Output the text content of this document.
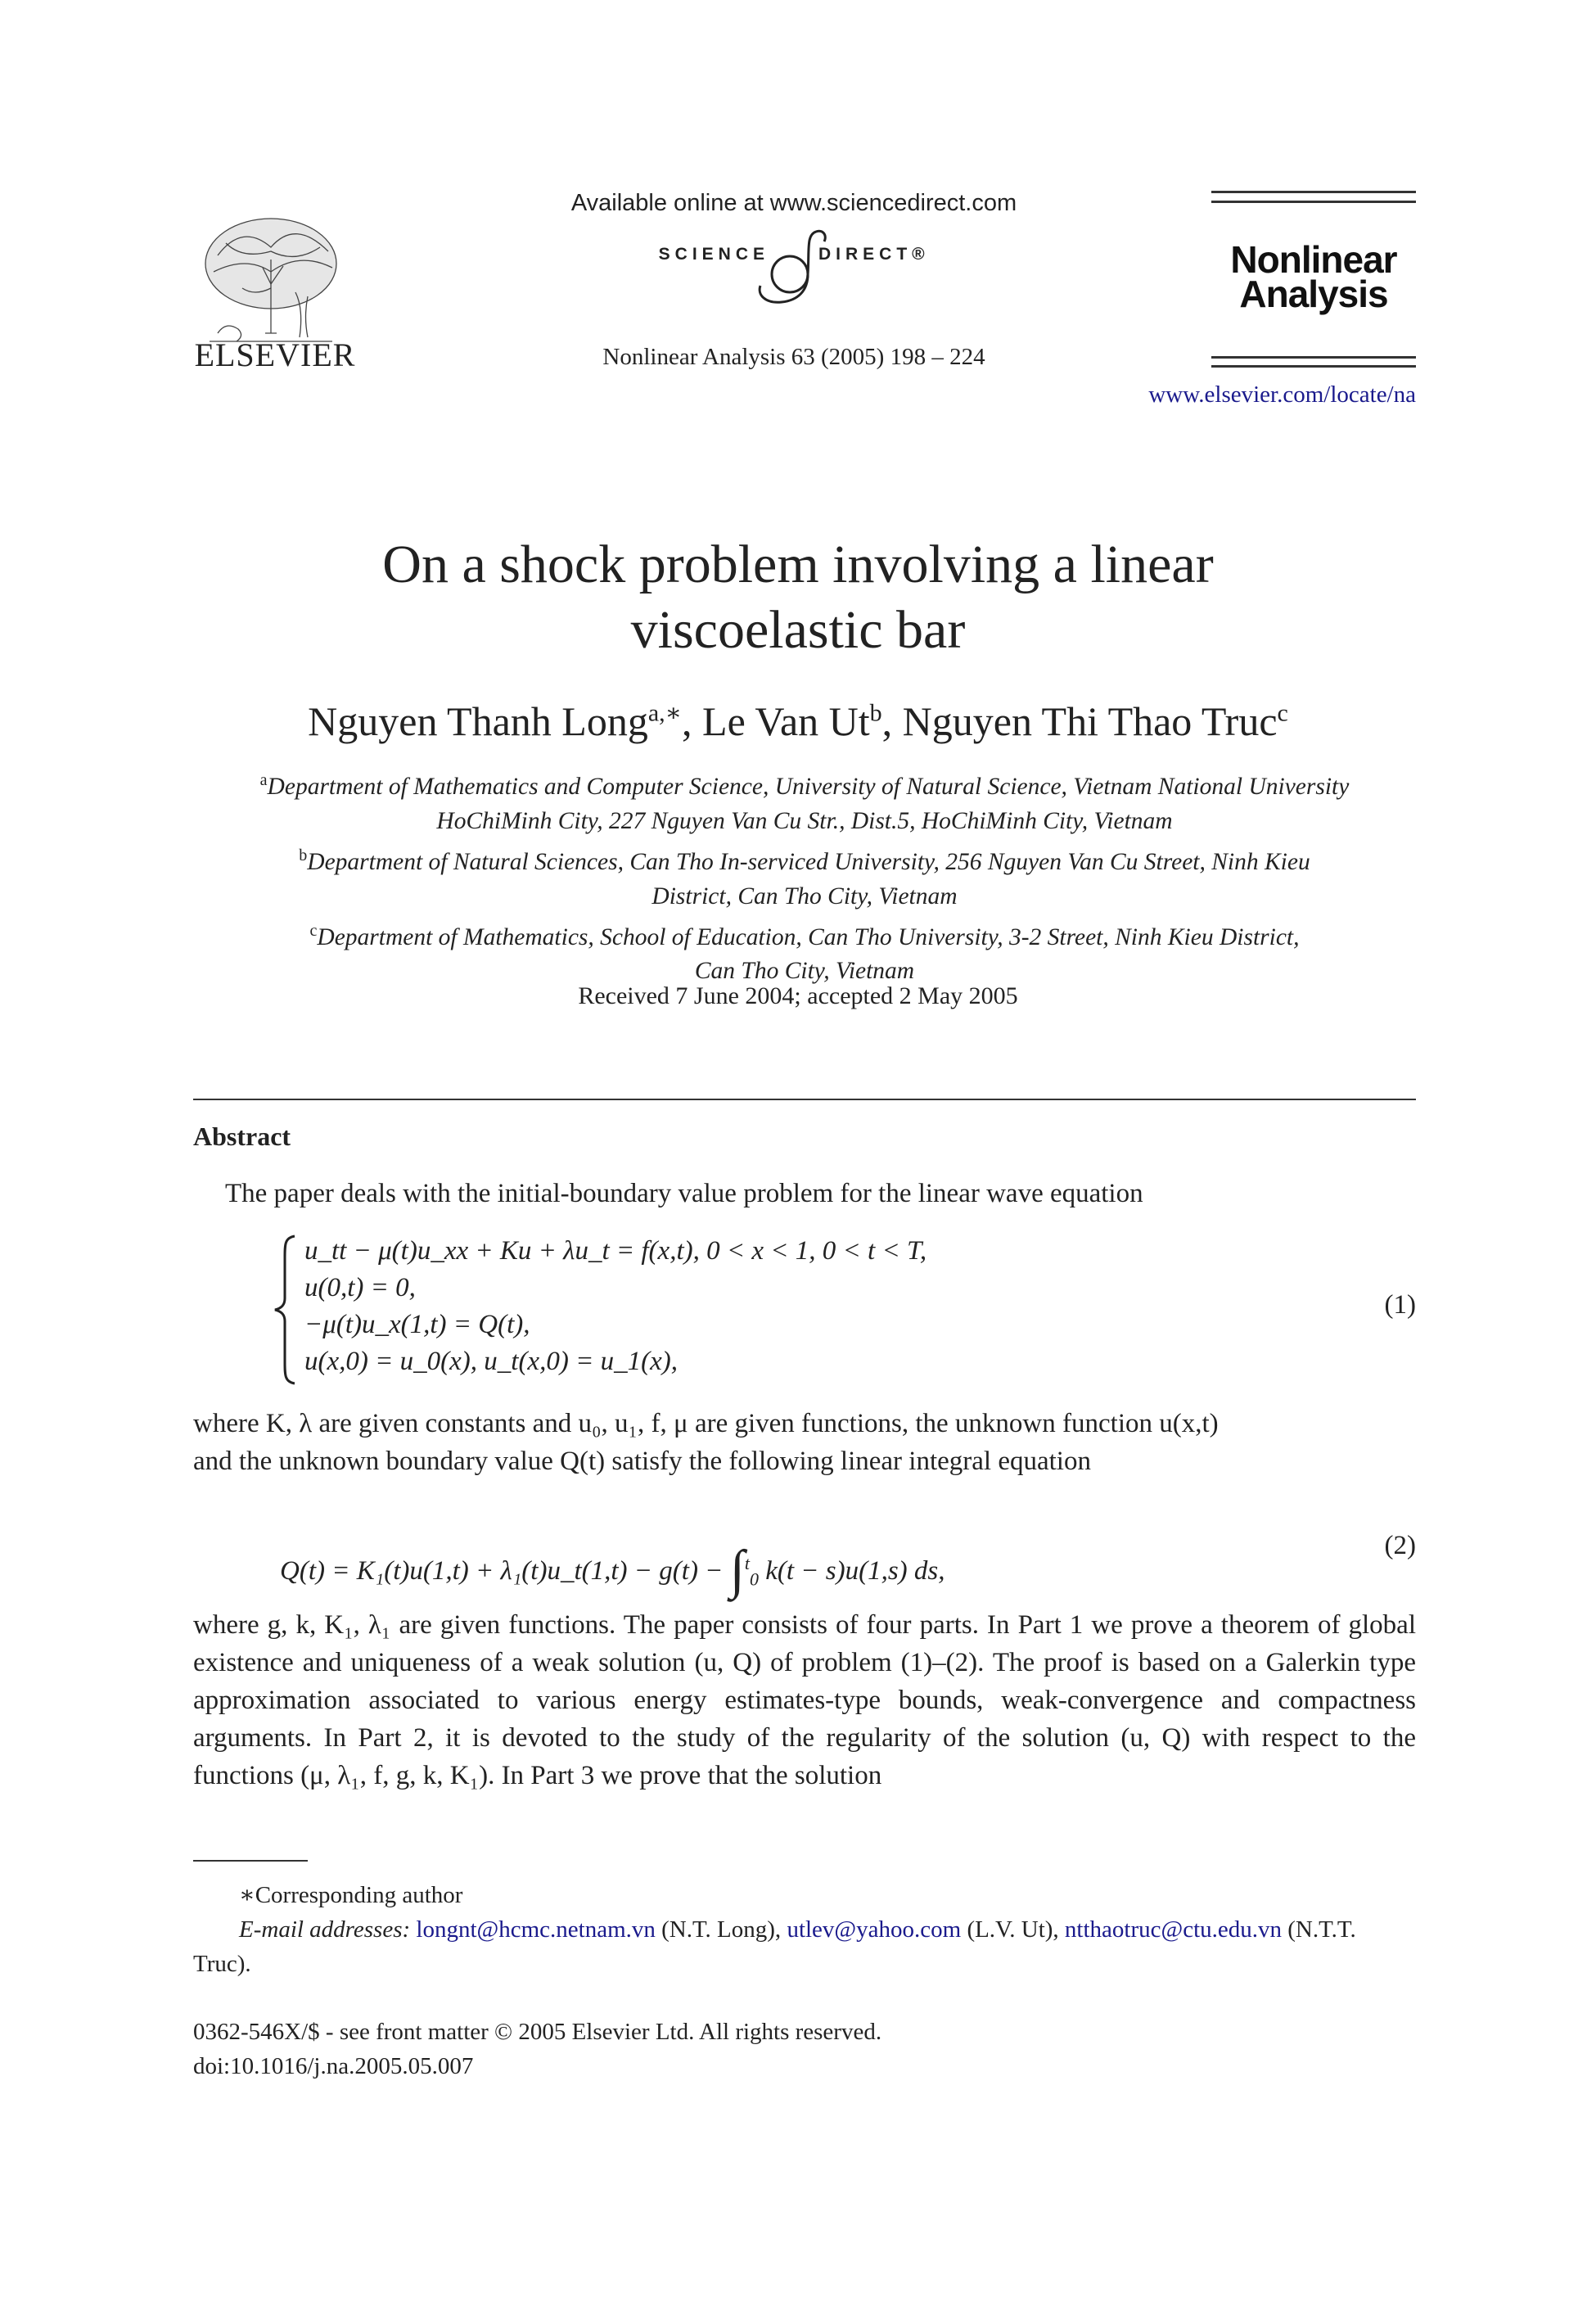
ELSEVIER
Available online at www.sciencedirect.com
SCIENCE	DIRECT®
Nonlinear Analysis 63 (2005) 198 – 224
Nonlinear
Analysis
www.elsevier.com/locate/na
On a shock problem involving a linear
viscoelastic bar
Nguyen Thanh Long$^{a,∗}$, Le Van Ut$^b$, Nguyen Thi Thao Truc$^c$

$^a$Department of Mathematics and Computer Science, University of Natural Science, Vietnam National University
HoChiMinh City, 227 Nguyen Van Cu Str., Dist.5, HoChiMinh City, Vietnam

$^b$Department of Natural Sciences, Can Tho In-serviced University, 256 Nguyen Van Cu Street, Ninh Kieu
District, Can Tho City, Vietnam

$^c$Department of Mathematics, School of Education, Can Tho University, 3-2 Street, Ninh Kieu District,
Can Tho City, Vietnam

Received 7 June 2004; accepted 2 May 2005
Abstract
The paper deals with the initial-boundary value problem for the linear wave equation
u_tt − μ(t)u_xx + Ku + λu_t = f(x,t), 0 < x < 1, 0 < t < T,
u(0,t) = 0,
−μ(t)u_x(1,t) = Q(t),
u(x,0) = u_0(x), u_t(x,0) = u_1(x),
(1)
where K, λ are given constants and u₀, u₁, f, μ are given functions, the unknown function u(x,t)
and the unknown boundary value Q(t) satisfy the following linear integral equation
Q(t) = K₁(t)u(1,t) + λ₁(t)u_t(1,t) − g(t) − ∫$^t_0$ k(t − s)u(1,s) ds,
(2)
where g, k, K₁, λ₁ are given functions. The paper consists of four parts. In Part 1 we prove a theorem of global existence and uniqueness of a weak solution (u, Q) of problem (1)–(2). The proof is based on a Galerkin type approximation associated to various energy estimates-type bounds, weak-convergence and compactness arguments. In Part 2, it is devoted to the study of the regularity of the solution (u, Q) with respect to the functions (μ, λ₁, f, g, k, K₁). In Part 3 we prove that the solution
∗Corresponding author
E-mail addresses: longnt@hcmc.netnam.vn (N.T. Long), utlev@yahoo.com (L.V. Ut), ntthaotruc@ctu.edu.vn (N.T.T. Truc).
0362-546X/$ - see front matter © 2005 Elsevier Ltd. All rights reserved.
doi:10.1016/j.na.2005.05.007
